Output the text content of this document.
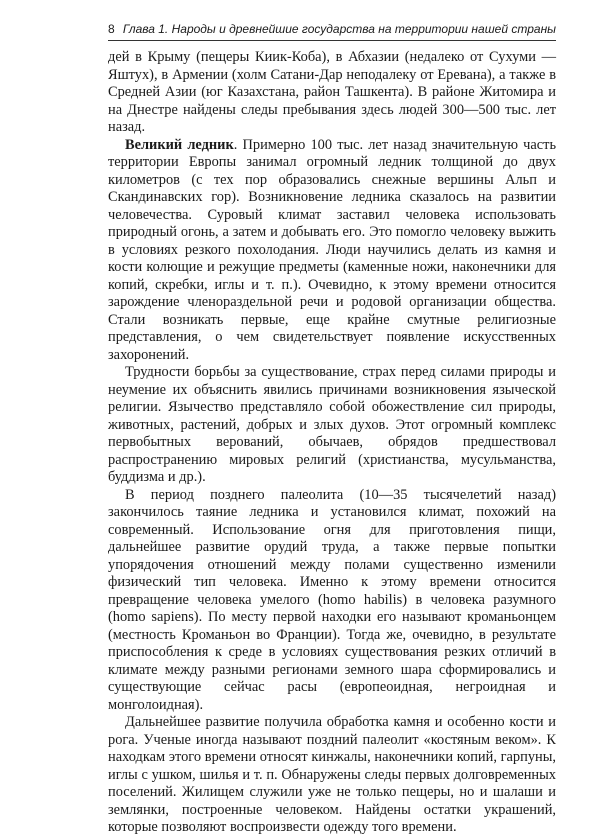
8 Глава 1. Народы и древнейшие государства на территории нашей страны

дей в Крыму (пещеры Киик-Коба), в Абхазии (недалеко от Сухуми — Яштух), в Армении (холм Сатани-Дар неподалеку от Еревана), а также в Средней Азии (юг Казахстана, район Ташкента). В районе Житомира и на Днестре найдены следы пребывания здесь людей 300—500 тыс. лет назад.

Великий ледник. Примерно 100 тыс. лет назад значительную часть территории Европы занимал огромный ледник толщиной до двух километров (с тех пор образовались снежные вершины Альп и Скандинавских гор). Возникновение ледника сказалось на развитии человечества. Суровый климат заставил человека использовать природный огонь, а затем и добывать его. Это помогло человеку выжить в условиях резкого похолодания. Люди научились делать из камня и кости колющие и режущие предметы (каменные ножи, наконечники для копий, скребки, иглы и т. п.). Очевидно, к этому времени относится зарождение членораздельной речи и родовой организации общества. Стали возникать первые, еще крайне смутные религиозные представления, о чем свидетельствует появление искусственных захоронений.

Трудности борьбы за существование, страх перед силами природы и неумение их объяснить явились причинами возникновения языческой религии. Язычество представляло собой обожествление сил природы, животных, растений, добрых и злых духов. Этот огромный комплекс первобытных верований, обычаев, обрядов предшествовал распространению мировых религий (христианства, мусульманства, буддизма и др.).

В период позднего палеолита (10—35 тысячелетий назад) закончилось таяние ледника и установился климат, похожий на современный. Использование огня для приготовления пищи, дальнейшее развитие орудий труда, а также первые попытки упорядочения отношений между полами существенно изменили физический тип человека. Именно к этому времени относится превращение человека умелого (homo habilis) в человека разумного (homo sapiens). По месту первой находки его называют кроманьонцем (местность Кроманьон во Франции). Тогда же, очевидно, в результате приспособления к среде в условиях существования резких отличий в климате между разными регионами земного шара сформировались и существующие сейчас расы (европеоидная, негроидная и монголоидная).

Дальнейшее развитие получила обработка камня и особенно кости и рога. Ученые иногда называют поздний палеолит «костяным веком». К находкам этого времени относят кинжалы, наконечники копий, гарпуны, иглы с ушком, шилья и т. п. Обнаружены следы первых долговременных поселений. Жилищем служили уже не только пещеры, но и шалаши и землянки, построенные человеком. Найдены остатки украшений, которые позволяют воспроизвести одежду того времени.
